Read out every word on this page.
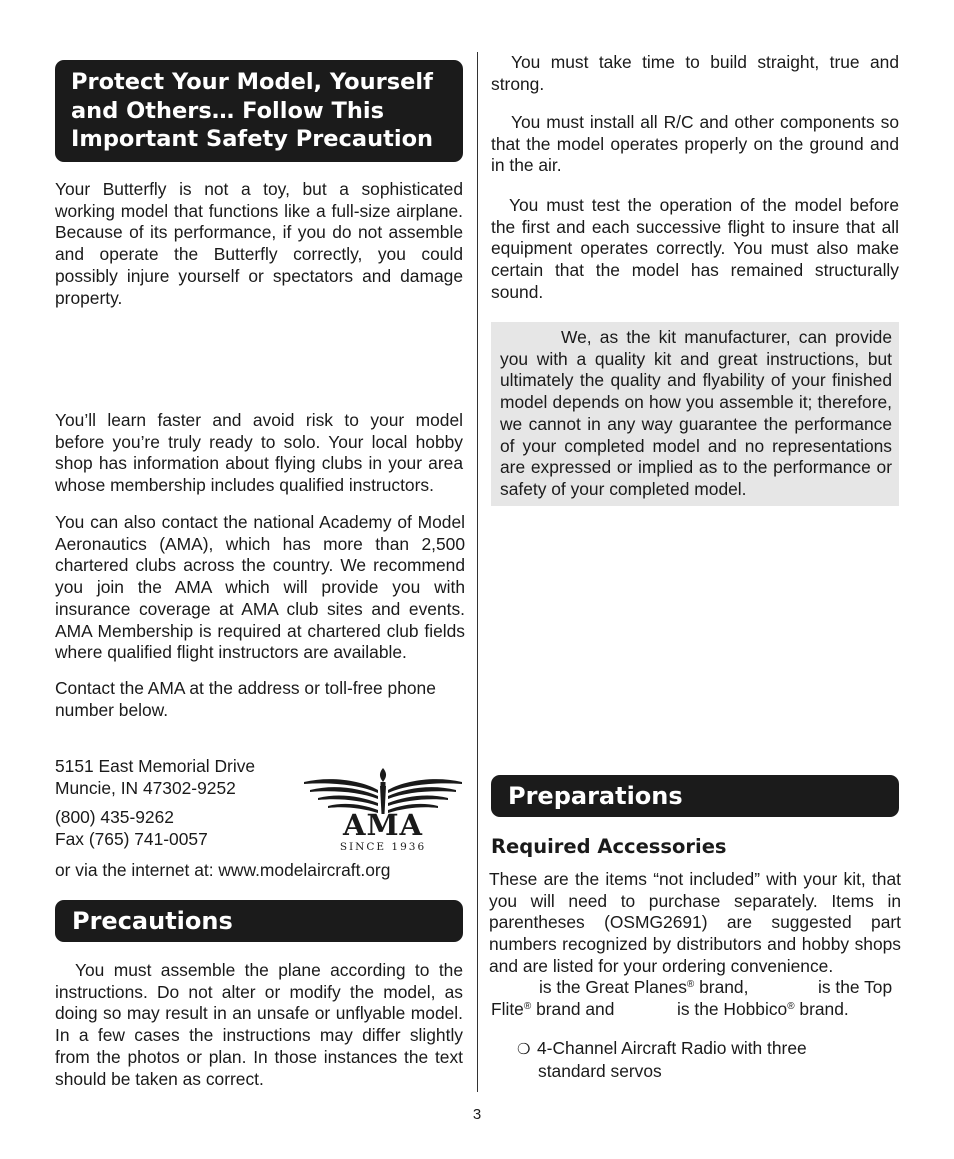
Protect Your Model, Yourself
and Others… Follow This
Important Safety Precaution

Your Butterfly is not a toy, but a sophisticated working model that functions like a full-size airplane. Because of its performance, if you do not assemble and operate the Butterfly correctly, you could possibly injure yourself or spectators and damage property.

You’ll learn faster and avoid risk to your model before you’re truly ready to solo. Your local hobby shop has information about flying clubs in your area whose membership includes qualified instructors.

You can also contact the national Academy of Model Aeronautics (AMA), which has more than 2,500 chartered clubs across the country. We recommend you join the AMA which will provide you with insurance coverage at AMA club sites and events. AMA Membership is required at chartered club fields where qualified flight instructors are available.

Contact the AMA at the address or toll-free phone number below.

5151 East Memorial Drive
Muncie, IN 47302-9252
(800) 435-9262
Fax (765) 741-0057	AMA
SINCE 1936

or via the internet at: www.modelaircraft.org

Precautions

You must assemble the plane according to the instructions. Do not alter or modify the model, as doing so may result in an unsafe or unflyable model. In a few cases the instructions may differ slightly from the photos or plan. In those instances the text should be taken as correct.

You must take time to build straight, true and strong.

You must install all R/C and other components so that the model operates properly on the ground and in the air.

You must test the operation of the model before the first and each successive flight to insure that all equipment operates correctly. You must also make certain that the model has remained structurally sound.

We, as the kit manufacturer, can provide you with a quality kit and great instructions, but ultimately the quality and flyability of your finished model depends on how you assemble it; therefore, we cannot in any way guarantee the performance of your completed model and no representations are expressed or implied as to the performance or safety of your completed model.

Preparations
Required Accessories

These are the items “not included” with your kit, that you will need to purchase separately. Items in parentheses (OSMG2691) are suggested part numbers recognized by distributors and hobby shops and are listed for your ordering convenience.

is the Great Planes® brand,	is the Top
Flite® brand and	is the Hobbico® brand.
❍ 4-Channel Aircraft Radio with three
standard servos
3
